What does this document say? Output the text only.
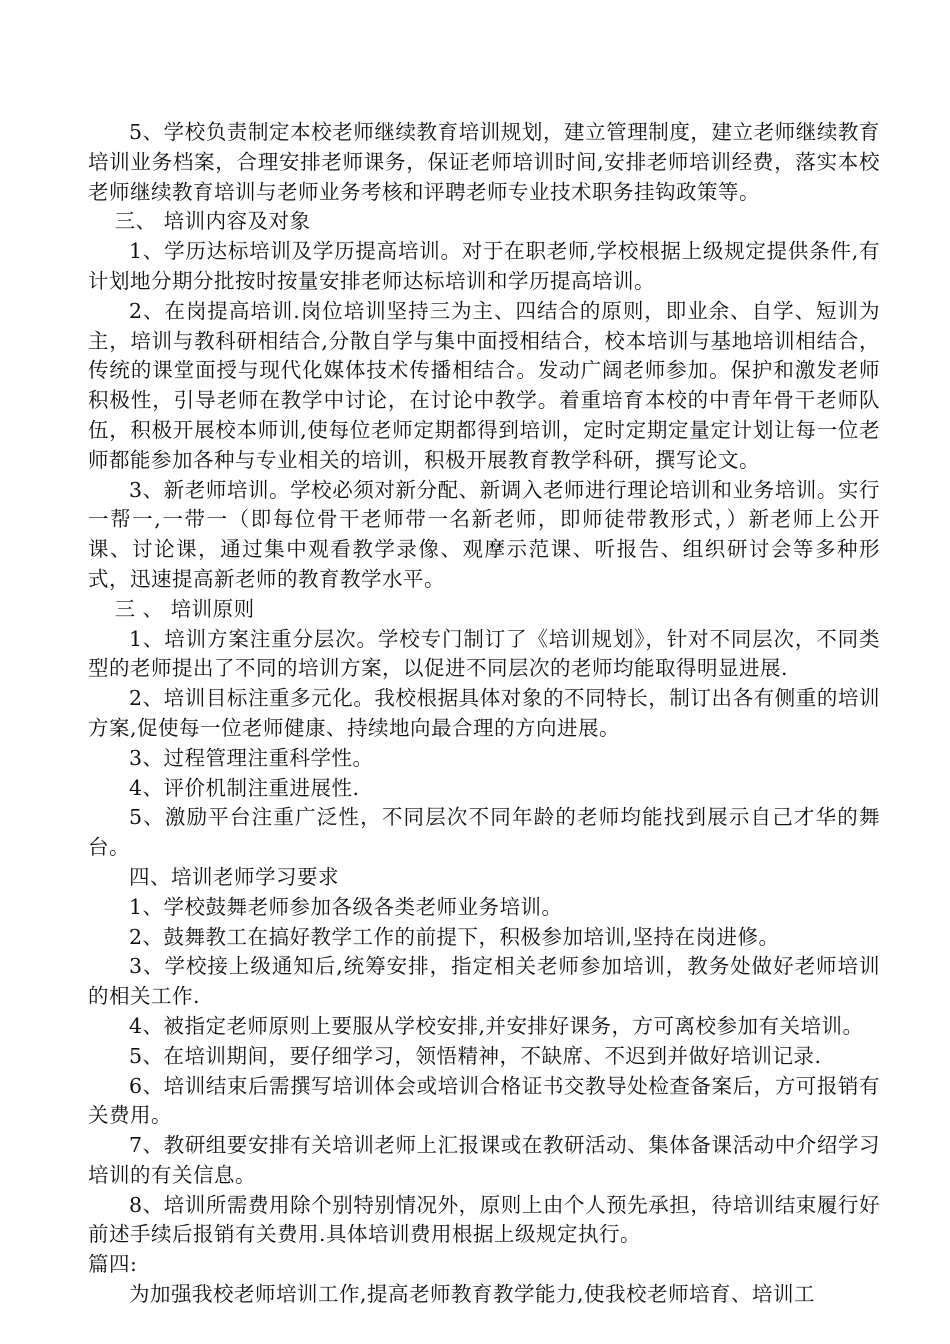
5、学校负责制定本校老师继续教育培训规划，建立管理制度，建立老师继续教育培训业务档案，合理安排老师课务，保证老师培训时间,安排老师培训经费，落实本校老师继续教育培训与老师业务考核和评聘老师专业技术职务挂钩政策等。

三、 培训内容及对象

1、学历达标培训及学历提高培训。对于在职老师,学校根据上级规定提供条件,有计划地分期分批按时按量安排老师达标培训和学历提高培训。

2、在岗提高培训.岗位培训坚持三为主、四结合的原则，即业余、自学、短训为主，培训与教科研相结合,分散自学与集中面授相结合，校本培训与基地培训相结合，传统的课堂面授与现代化媒体技术传播相结合。发动广阔老师参加。保护和激发老师积极性，引导老师在教学中讨论，在讨论中教学。着重培育本校的中青年骨干老师队伍，积极开展校本师训,使每位老师定期都得到培训，定时定期定量定计划让每一位老师都能参加各种与专业相关的培训，积极开展教育教学科研，撰写论文。

3、新老师培训。学校必须对新分配、新调入老师进行理论培训和业务培训。实行一帮一,一带一（即每位骨干老师带一名新老师，即师徒带教形式，）新老师上公开课、讨论课，通过集中观看教学录像、观摩示范课、听报告、组织研讨会等多种形式，迅速提高新老师的教育教学水平。

三 、 培训原则

1、培训方案注重分层次。学校专门制订了《培训规划》，针对不同层次，不同类型的老师提出了不同的培训方案，以促进不同层次的老师均能取得明显进展.

2、培训目标注重多元化。我校根据具体对象的不同特长，制订出各有侧重的培训方案,促使每一位老师健康、持续地向最合理的方向进展。

3、过程管理注重科学性。

4、评价机制注重进展性.

5、激励平台注重广泛性，不同层次不同年龄的老师均能找到展示自己才华的舞台。

四、培训老师学习要求

1、学校鼓舞老师参加各级各类老师业务培训。

2、鼓舞教工在搞好教学工作的前提下，积极参加培训,坚持在岗进修。

3、学校接上级通知后,统筹安排，指定相关老师参加培训，教务处做好老师培训的相关工作.

4、被指定老师原则上要服从学校安排,并安排好课务，方可离校参加有关培训。

5、在培训期间，要仔细学习，领悟精神，不缺席、不迟到并做好培训记录.

6、培训结束后需撰写培训体会或培训合格证书交教导处检查备案后，方可报销有关费用。

7、教研组要安排有关培训老师上汇报课或在教研活动、集体备课活动中介绍学习培训的有关信息。

8、培训所需费用除个别特别情况外，原则上由个人预先承担，待培训结束履行好前述手续后报销有关费用.具体培训费用根据上级规定执行。

篇四:

为加强我校老师培训工作,提高老师教育教学能力,使我校老师培育、培训工
